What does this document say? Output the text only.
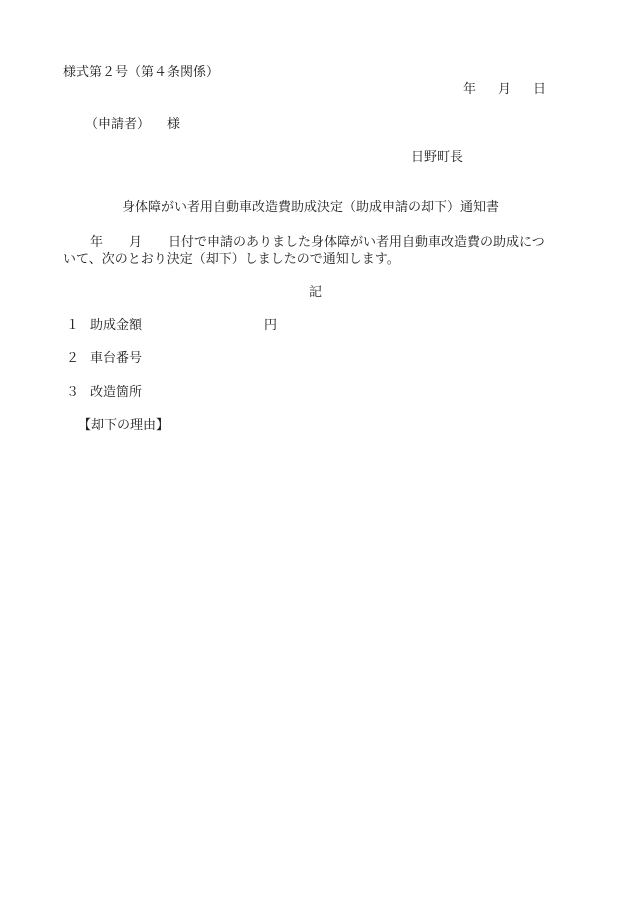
様式第２号（第４条関係）
年 月 日
（申請者） 様
日野町長
身体障がい者用自動車改造費助成決定（助成申請の却下）通知書
年 月 日付で申請のありました身体障がい者用自動車改造費の助成につ
いて、次のとおり決定（却下）しましたので通知します。
記
１ 助成金額	円
２ 車台番号
３ 改造箇所
【却下の理由】
